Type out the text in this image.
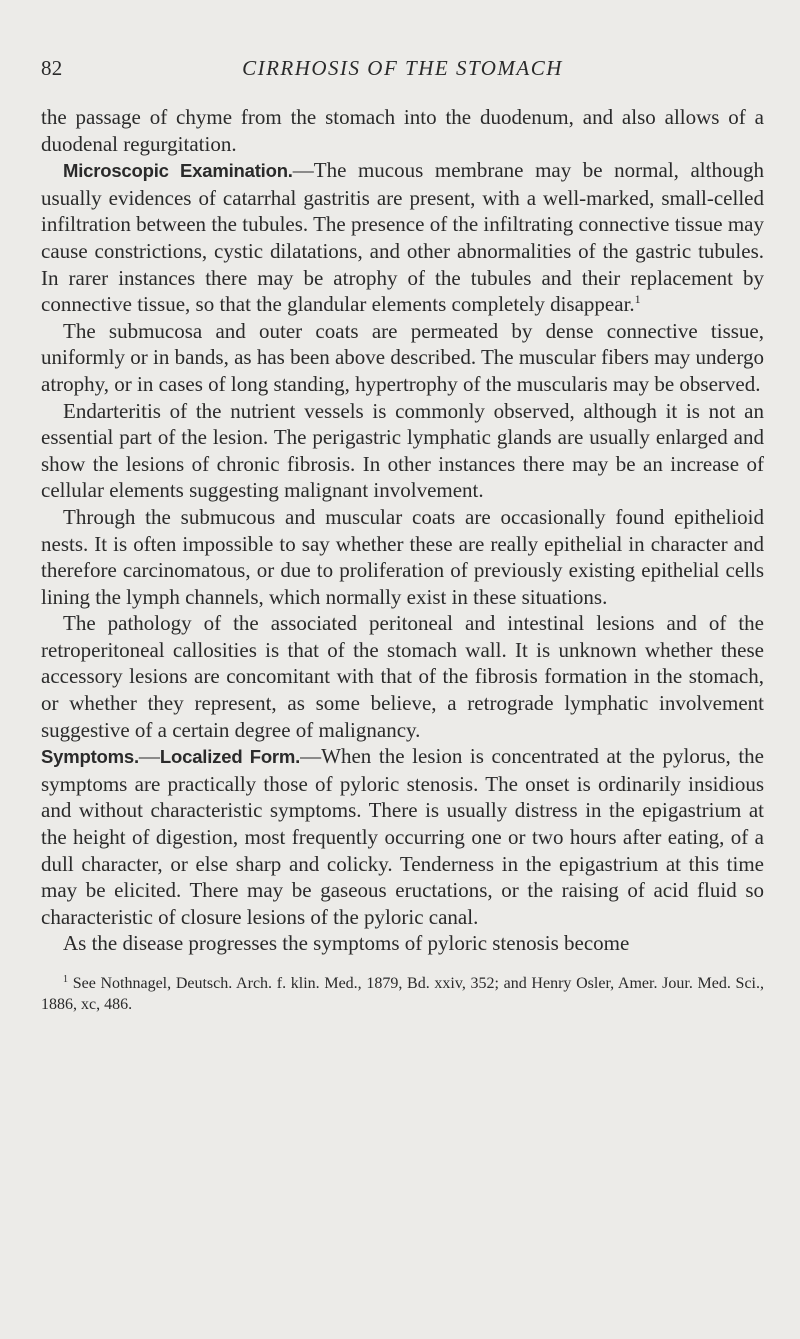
82	CIRRHOSIS OF THE STOMACH

the passage of chyme from the stomach into the duodenum, and also allows of a duodenal regurgitation.

Microscopic Examination.—The mucous membrane may be normal, although usually evidences of catarrhal gastritis are present, with a well-marked, small-celled infiltration between the tubules. The presence of the infiltrating connective tissue may cause constrictions, cystic dilatations, and other abnormalities of the gastric tubules. In rarer instances there may be atrophy of the tubules and their replacement by connective tissue, so that the glandular elements completely disappear.$^1$

The submucosa and outer coats are permeated by dense connective tissue, uniformly or in bands, as has been above described. The muscular fibers may undergo atrophy, or in cases of long standing, hypertrophy of the muscularis may be observed.

Endarteritis of the nutrient vessels is commonly observed, although it is not an essential part of the lesion. The perigastric lymphatic glands are usually enlarged and show the lesions of chronic fibrosis. In other instances there may be an increase of cellular elements suggesting malignant involvement.

Through the submucous and muscular coats are occasionally found epithelioid nests. It is often impossible to say whether these are really epithelial in character and therefore carcinomatous, or due to proliferation of previously existing epithelial cells lining the lymph channels, which normally exist in these situations.

The pathology of the associated peritoneal and intestinal lesions and of the retroperitoneal callosities is that of the stomach wall. It is unknown whether these accessory lesions are concomitant with that of the fibrosis formation in the stomach, or whether they represent, as some believe, a retrograde lymphatic involvement suggestive of a certain degree of malignancy.

Symptoms.—Localized Form.—When the lesion is concentrated at the pylorus, the symptoms are practically those of pyloric stenosis. The onset is ordinarily insidious and without characteristic symptoms. There is usually distress in the epigastrium at the height of digestion, most frequently occurring one or two hours after eating, of a dull character, or else sharp and colicky. Tenderness in the epigastrium at this time may be elicited. There may be gaseous eructations, or the raising of acid fluid so characteristic of closure lesions of the pyloric canal.

As the disease progresses the symptoms of pyloric stenosis become

$^1$ See Nothnagel, Deutsch. Arch. f. klin. Med., 1879, Bd. xxiv, 352; and Henry Osler, Amer. Jour. Med. Sci., 1886, xc, 486.
